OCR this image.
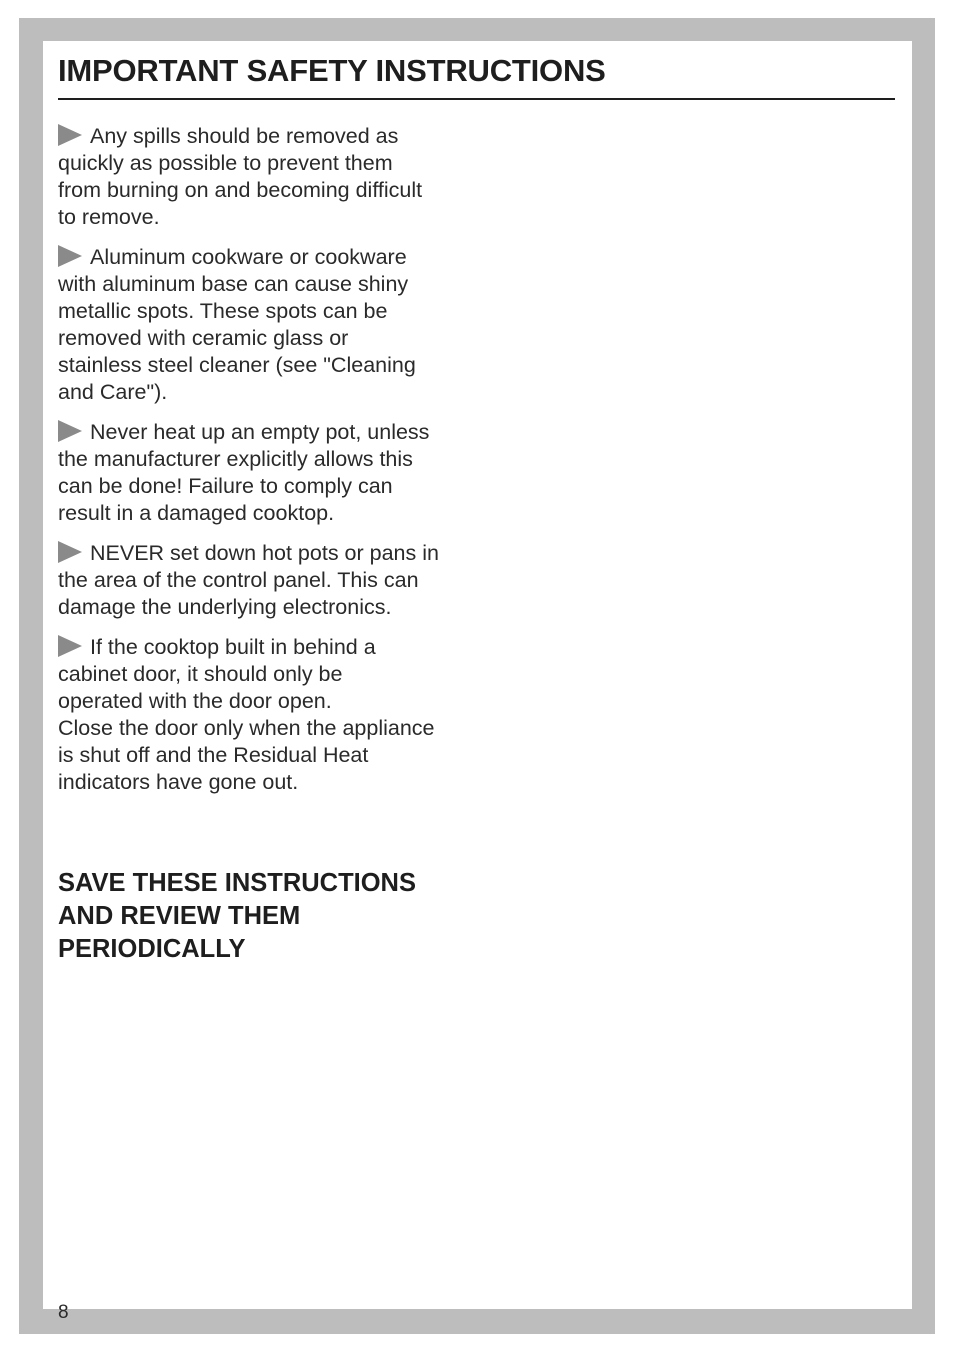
IMPORTANT SAFETY INSTRUCTIONS

Any spills should be removed as
quickly as possible to prevent them
from burning on and becoming difficult
to remove.

Aluminum cookware or cookware
with aluminum base can cause shiny
metallic spots. These spots can be
removed with ceramic glass or
stainless steel cleaner (see "Cleaning
and Care").

Never heat up an empty pot, unless
the manufacturer explicitly allows this
can be done! Failure to comply can
result in a damaged cooktop.

NEVER set down hot pots or pans in
the area of the control panel. This can
damage the underlying electronics.

If the cooktop built in behind a
cabinet door, it should only be
operated with the door open.
Close the door only when the appliance
is shut off and the Residual Heat
indicators have gone out.

SAVE THESE INSTRUCTIONS
AND REVIEW THEM
PERIODICALLY
8
